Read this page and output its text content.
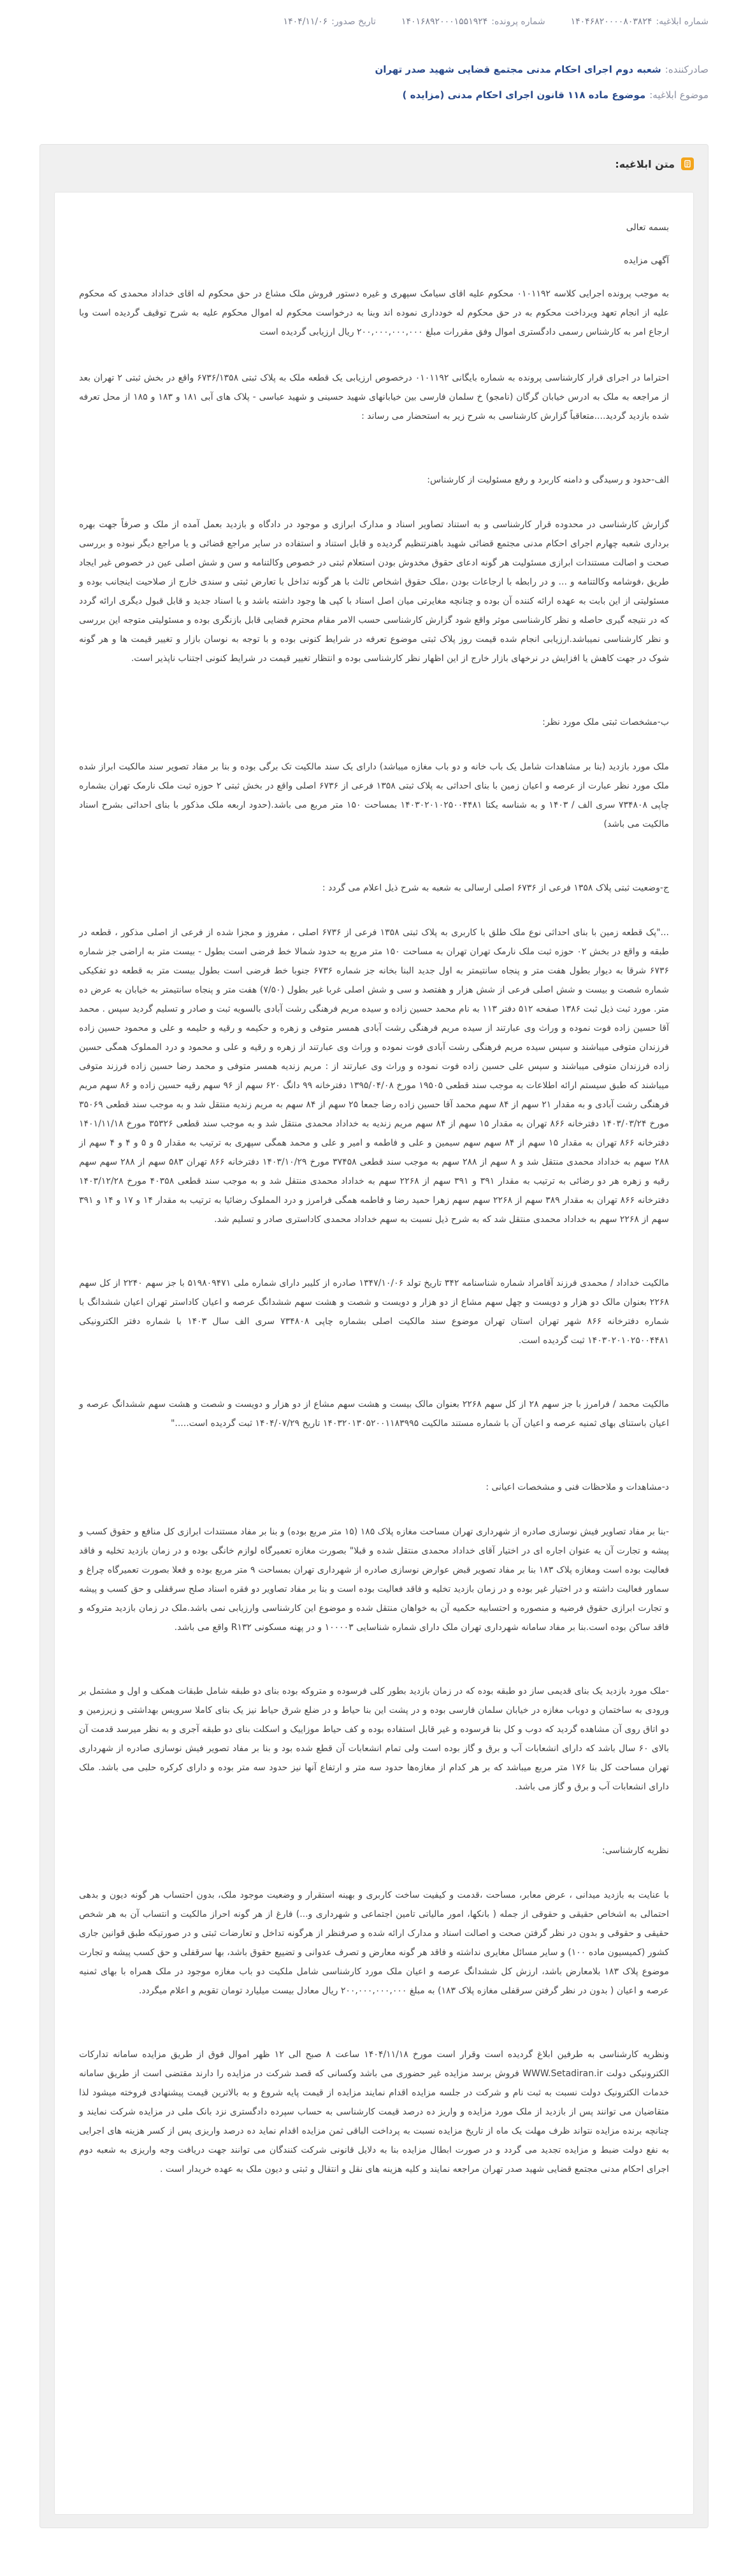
شماره ابلاغیه:۱۴۰۴۶۸۲۰۰۰۰۸۰۳۸۲۴
شماره پرونده:۱۴۰۱۶۸۹۲۰۰۰۱۵۵۱۹۲۴
تاریخ صدور:۱۴۰۴/۱۱/۰۶
صادرکننده:شعبه دوم اجرای احکام مدنی مجتمع قضایی شهید صدر تهران
موضوع ابلاغیه:موضوع ماده ۱۱۸ قانون اجرای احکام مدنی (مزایده )
متن ابلاغیه:

بسمه تعالی

آگهی مزایده

به موجب پرونده اجرایی کلاسه ۰۱۰۱۱۹۲ محکوم علیه اقای سیامک سپهری و غیره دستور فروش ملک مشاع در حق محکوم له اقای خداداد محمدی که محکوم علیه از انجام تعهد ویرداخت محکوم به در حق محکوم له خودداری نموده اند وبنا به درخواست محکوم له اموال محکوم علیه به شرح توقیف گردیده است وبا ارجاع امر به کارشناس رسمی دادگستری اموال وفق مقررات مبلغ ۲۰۰,۰۰۰,۰۰۰,۰۰۰ ریال ارزیابی گردیده است

احتراما در اجرای قرار کارشناسی پرونده به شماره بایگانی ۰۱۰۱۱۹۲ درخصوص ارزیابی یک قطعه ملک به پلاک ثبتی ۶۷۳۶/۱۳۵۸ واقع در بخش ثبتی ۲ تهران بعد از مراجعه به ملک به ادرس خیابان گرگان (نامجو) خ سلمان فارسی بین خیابانهای شهید حسینی و شهید عباسی - پلاک های آبی ۱۸۱ و ۱۸۳ و ۱۸۵ از محل تعرفه شده بازدید گردید....متعاقباً گزارش کارشناسی به شرح زیر به استحضار می رساند :

الف-حدود و رسیدگی و دامنه کاربرد و رفع مسئولیت از کارشناس:

گزارش کارشناسی در محدوده قرار کارشناسی و به استناد تصاویر اسناد و مدارک ابرازی و موجود در دادگاه و بازدید بعمل آمده از ملک و صرفاً جهت بهره برداری شعبه چهارم اجرای احکام مدنی مجتمع قضائی شهید باهنرتنظیم گردیده و قابل استناد و استفاده در سایر مراجع قضائی و یا مراجع دیگر نبوده و بررسی صحت و اصالت مستندات ابرازی مسئولیت هر گونه ادعای حقوق مخدوش بودن استعلام ثبتی در خصوص وکالتنامه و سن و شش اصلی عین در خصوص غیر ایجاد طریق ،فوشامه وکالتنامه و ... و در رابطه با ارجاعات بودن ،ملک حقوق اشخاص ثالث با هر گونه تداخل با تعارض ثبتی و سندی خارج از صلاحیت اینجانب بوده و مسئولیتی از این بابت به عهده ارائه کننده آن بوده و چنانچه مغایرتی میان اصل اسناد با کپی ها وجود داشته باشد و یا اسناد جدید و قابل قبول دیگری ارائه گردد که در نتیجه گیری حاصله و نظر کارشناسی موثر واقع شود گزارش کارشناسی حسب الامر مقام محترم قضایی قابل بازنگری بوده و مسئولیتی متوجه این بررسی و نظر کارشناسی نمیباشد.ارزیابی انجام شده قیمت روز پلاک ثبتی موضوع تعرفه در شرایط کنونی بوده و با توجه به نوسان بازار و تغییر قیمت ها و هر گونه شوک در جهت کاهش یا افزایش در نرخهای بازار خارج از این اظهار نظر کارشناسی بوده و انتظار تغییر قیمت در شرایط کنونی اجتناب ناپذیر است.

ب-مشخصات ثبتی ملک مورد نظر:

ملک مورد بازدید (بنا بر مشاهدات شامل یک باب خانه و دو باب مغازه میباشد) دارای یک سند مالکیت تک برگی بوده و بنا بر مفاد تصویر سند مالکیت ابراز شده ملک مورد نظر عبارت از عرصه و اعیان زمین با بنای احداثی به پلاک ثبتی ۱۳۵۸ فرعی از ۶۷۳۶ اصلی واقع در بخش ثبتی ۲ حوزه ثبت ملک نارمک تهران بشماره چاپی ۷۳۴۸۰۸ سری الف / ۱۴۰۳ و به شناسه یکتا ۱۴۰۳۰۲۰۱۰۲۵۰۰۴۴۸۱ بمساحت ۱۵۰ متر مربع می باشد.(حدود اربعه ملک مذکور با بنای احداثی بشرح اسناد مالکیت می باشد)

ج-وضعیت ثبتی پلاک ۱۳۵۸ فرعی از ۶۷۳۶ اصلی ارسالی به شعبه به شرح ذیل اعلام می گردد :

..."پک قطعه زمین با بنای احداثی نوع ملک طلق با کاربری به پلاک ثبتی ۱۳۵۸ فرعی از ۶۷۳۶ اصلی ، مفروز و مجزا شده از فرعی از اصلی مذکور ، قطعه در طبقه و واقع در بخش ۰۲ حوزه ثبت ملک نارمک تهران تهران به مساحت ۱۵۰ متر مربع به حدود شمالا خط فرضی است بطول - بیست متر به اراضی جز شماره ۶۷۳۶ شرقا به دیوار بطول هفت متر و پنجاه سانتیمتر به اول جدید البنا بخانه جز شماره ۶۷۳۶ جنوبا خط فرضی است بطول بیست متر به قطعه دو تفکیکی شماره شصت و بیست و شش اصلی فرعی از شش هزار و هفتصد و سی و شش اصلی غربا غیر بطول (۷/۵۰) هفت متر و پنجاه سانتیمتر به خیابان به عرض ده متر. مورد ثبت ذیل ثبت ۱۳۸۶ صفحه ۵۱۲ دفتر ۱۱۳ به نام محمد حسین زاده و سیده مریم فرهنگی رشت آبادی بالسویه ثبت و صادر و تسلیم گردید سپس . محمد آقا حسین زاده فوت نموده و وراث وی عبارتند از سیده مریم فرهنگی رشت آبادی همسر متوفی و زهره و حکیمه و رقیه و حلیمه و علی و محمود حسین زاده فرزندان متوفی میباشند و سپس سیده مریم فرهنگی رشت آبادی فوت نموده و وراث وی عبارتند از زهره و رقیه و علی و محمود و درد المملوک همگی حسین زاده فرزندان متوفی میباشند و سپس علی حسین زاده فوت نموده و وراث وی عبارتند از : مریم زندیه همسر متوفی و محمد رضا حسین زاده فرزند متوفی میباشند که طبق سیستم ارائه اطلاعات به موجب سند قطعی ۱۹۵۰۵ مورخ ۱۳۹۵/۰۴/۰۸ دفترخانه ۹۹ دانگ ۶۲۰ سهم از ۹۶ سهم رقیه حسین زاده و ۸۶ سهم مریم فرهنگی رشت آبادی و به مقدار ۲۱ سهم از ۸۴ سهم محمد آقا حسین زاده رضا جمعا ۲۵ سهم از ۸۴ سهم به مریم زندیه منتقل شد و به موجب سند قطعی ۳۵۰۶۹ مورخ ۱۴۰۳/۰۳/۲۴ دفترخانه ۸۶۶ تهران به مقدار ۱۵ سهم از ۸۴ سهم مریم زندیه به خداداد محمدی منتقل شد و به موجب سند قطعی ۳۵۳۲۶ مورخ ۱۴۰۱/۱۱/۱۸ دفترخانه ۸۶۶ تهران به مقدار ۱۵ سهم از ۸۴ سهم سهم سیمین و علی و فاطمه و امیر و علی و محمد همگی سپهری به ترتیب به مقدار ۵ و ۵ و ۴ و ۴ سهم از ۲۸۸ سهم به خداداد محمدی منتقل شد و ۸ سهم از ۲۸۸ سهم به موجب سند قطعی ۳۷۴۵۸ مورخ ۱۴۰۳/۱۰/۲۹ دفترخانه ۸۶۶ تهران ۵۸۳ سهم از ۲۸۸ سهم سهم رقیه و زهره هر دو رضائی به ترتیب به مقدار ۳۹۱ و ۳۹۱ سهم از ۲۲۶۸ سهم به خداداد محمدی منتقل شد و به موجب سند قطعی ۴۰۳۵۸ مورخ ۱۴۰۳/۱۲/۲۸ دفترخانه ۸۶۶ تهران به مقدار ۳۸۹ سهم از ۲۲۶۸ سهم سهم زهرا حمید رضا و فاطمه همگی فرامرز و درد المملوک رضائیا به ترتیب به مقدار ۱۴ و ۱۷ و ۱۴ و ۳۹۱ سهم از ۲۲۶۸ سهم به خداداد محمدی منتقل شد که به شرح ذیل نسبت به سهم خداداد محمدی کاداستری صادر و تسلیم شد.

مالکیت خداداد / محمدی فرزند آقامراد شماره شناسنامه ۳۴۲ تاریخ تولد ۱۳۴۷/۱۰/۰۶ صادره از کلیبر دارای شماره ملی ۵۱۹۸۰۹۴۷۱ با جز سهم ۲۲۴۰ از کل سهم ۲۲۶۸ بعنوان مالک دو هزار و دویست و چهل سهم مشاع از دو هزار و دویست و شصت و هشت سهم ششدانگ عرصه و اعیان کاداستر تهران اعیان ششدانگ با شماره دفترخانه ۸۶۶ شهر تهران استان تهران موضوع سند مالکیت اصلی بشماره چاپی ۷۳۴۸۰۸ سری الف سال ۱۴۰۳ با شماره دفتر الکترونیکی ۱۴۰۳۰۲۰۱۰۲۵۰۰۴۴۸۱ ثبت گردیده است.

مالکیت محمد / فرامرز با جز سهم ۲۸ از کل سهم ۲۲۶۸ بعنوان مالک بیست و هشت سهم مشاع از دو هزار و دویست و شصت و هشت سهم ششدانگ عرصه و اعیان باستنای بهای ثمنیه عرصه و اعیان آن با شماره مستند مالکیت ۱۴۰۳۲۰۱۳۰۵۲۰۰۱۱۸۳۹۹۵ تاریخ ۱۴۰۴/۰۷/۲۹ ثبت گردیده است....."

د-مشاهدات و ملاحظات فنی و مشخصات اعیانی :

-بنا بر مفاد تصاویر فیش نوسازی صادره از شهرداری تهران مساحت مغازه پلاک ۱۸۵ (۱۵ متر مربع بوده) و بنا بر مفاد مستندات ابرازی کل منافع و حقوق کسب و پیشه و تجارت آن یه عنوان اجاره ای در اختیار آقای خداداد محمدی منتقل شده و قبلا" بصورت مغازه تعمیرگاه لوازم خانگی بوده و در زمان بازدید تخلیه و فاقد فعالیت بوده است ومغازه پلاک ۱۸۳ بنا بر مفاد تصویر قبض عوارض نوسازی صادره از شهرداری تهران بمساحت ۹ متر مربع بوده و فعلا بصورت تعمیرگاه چراغ و سماور فعالیت داشته و در اختیار غیر بوده و در زمان بازدید تخلیه و فاقد فعالیت بوده است و بنا بر مفاد تصاویر دو فقره اسناد صلح سرقفلی و حق کسب و پیشه و تجارت ابرازی حقوق فرضیه و منصوره و احتسابیه حکمیه آن به خواهان منتقل شده و موضوع این کارشناسی وارزیابی نمی باشد.ملک در زمان بازدید متروکه و فاقد ساکن بوده است.بنا بر مفاد سامانه شهرداری تهران ملک دارای شماره شناسایی ۱۰۰۰۰۳ و در پهنه مسکونی R۱۳۲ واقع می باشد.

-ملک مورد بازدید یک بنای قدیمی ساز دو طبقه بوده که در زمان بازدید بطور کلی فرسوده و متروکه بوده بنای دو طبقه شامل طبقات همکف و اول و مشتمل بر ورودی به ساختمان و دوباب مغازه در خیابان سلمان فارسی بوده و در پشت این بنا حیاط و در ضلع شرق حیاط نیز یک بنای کاملا سرویس بهداشتی و زیرزمین و دو اتاق روی آن مشاهده گردید که دوب و کل بنا فرسوده و غیر قابل استفاده بوده و کف حیاط موزاییک و اسکلت بنای دو طبقه آجری و به نظر میرسد قدمت آن بالای ۶۰ سال باشد که دارای انشعابات آب و برق و گاز بوده است ولی تمام انشعابات آن قطع شده بود و بنا بر مفاد تصویر فیش نوسازی صادره از شهرداری تهران مساحت کل بنا ۱۷۶ متر مربع میباشد که بر هر کدام از مغازه‌ها حدود سه متر و ارتفاع آنها نیز حدود سه متر بوده و دارای کرکره حلبی می باشد. ملک دارای انشعابات آب و برق و گاز می باشد.

نظریه کارشناسی:

با عنایت به بازدید میدانی ، عرض معابر، مساحت ،قدمت و کیفیت ساخت کاربری و بهینه استقرار و وضعیت موجود ملک، بدون احتساب هر گونه دیون و بدهی احتمالی به اشخاص حقیقی و حقوقی از جمله ( بانکها، امور مالیاتی تامین اجتماعی و شهرداری و...) فارغ از هر گونه احراز مالکیت و انتساب آن به هر شخص حقیقی و حقوقی و بدون در نظر گرفتن صحت و اصالت اسناد و مدارک ارائه شده و صرفنظر از هرگونه تداخل و تعارضات ثبتی و در صورتیکه طبق قوانین جاری کشور (کمیسیون ماده ۱۰۰) و سایر مسائل مغایری نداشته و فاقد هر گونه معارض و تصرف عدوانی و تضییع حقوق باشد، بها سرقفلی و حق کسب پیشه و تجارت موضوع پلاک ۱۸۳ بلامعارض باشد، ارزش کل ششدانگ عرصه و اعیان ملک مورد کارشناسی شامل ملکیت دو باب مغازه موجود در ملک همراه با بهای ثمنیه عرصه و اعیان ( بدون در نظر گرفتن سرقفلی مغازه پلاک ۱۸۳) به مبلغ ۲۰۰,۰۰۰,۰۰۰,۰۰۰ ریال معادل بیست میلیارد تومان تقویم و اعلام میگردد.

ونظریه کارشناسی به طرفین ابلاغ گردیده است وقرار است مورخ ۱۴۰۴/۱۱/۱۸ ساعت ۸ صبح الی ۱۲ ظهر اموال فوق از طریق مزایده سامانه تدارکات الکترونیکی دولت WWW.Setadiran.ir فروش برسد مزایده غیر حضوری می باشد وکسانی که قصد شرکت در مزایده را دارند مقتضی است از طریق سامانه خدمات الکترونیک دولت نسبت به ثبت نام و شرکت در جلسه مزایده اقدام نمایند مزایده از قیمت پایه شروع و به بالاترین قیمت پیشنهادی فروخته میشود لذا متقاضیان می توانند پس از بازدید از ملک مورد مزایده و واریز ده درصد قیمت کارشناسی به حساب سپرده دادگستری نزد بانک ملی در مزایده شرکت نمایند و چنانچه برنده مزایده نتواند ظرف مهلت یک ماه از تاریخ مزایده نسبت به پرداخت الباقی ثمن مزایده اقدام نماید ده درصد واریزی پس از کسر هزینه های اجرایی به نفع دولت ضبط و مزایده تجدید می گردد و در صورت ابطال مزایده بنا به دلایل قانونی شرکت کنندگان می توانند جهت دریافت وجه واریزی به شعبه دوم اجرای احکام مدنی مجتمع قضایی شهید صدر تهران مراجعه نمایند و کلیه هزینه های نقل و انتقال و ثبتی و دیون ملک به عهده خریدار است .
